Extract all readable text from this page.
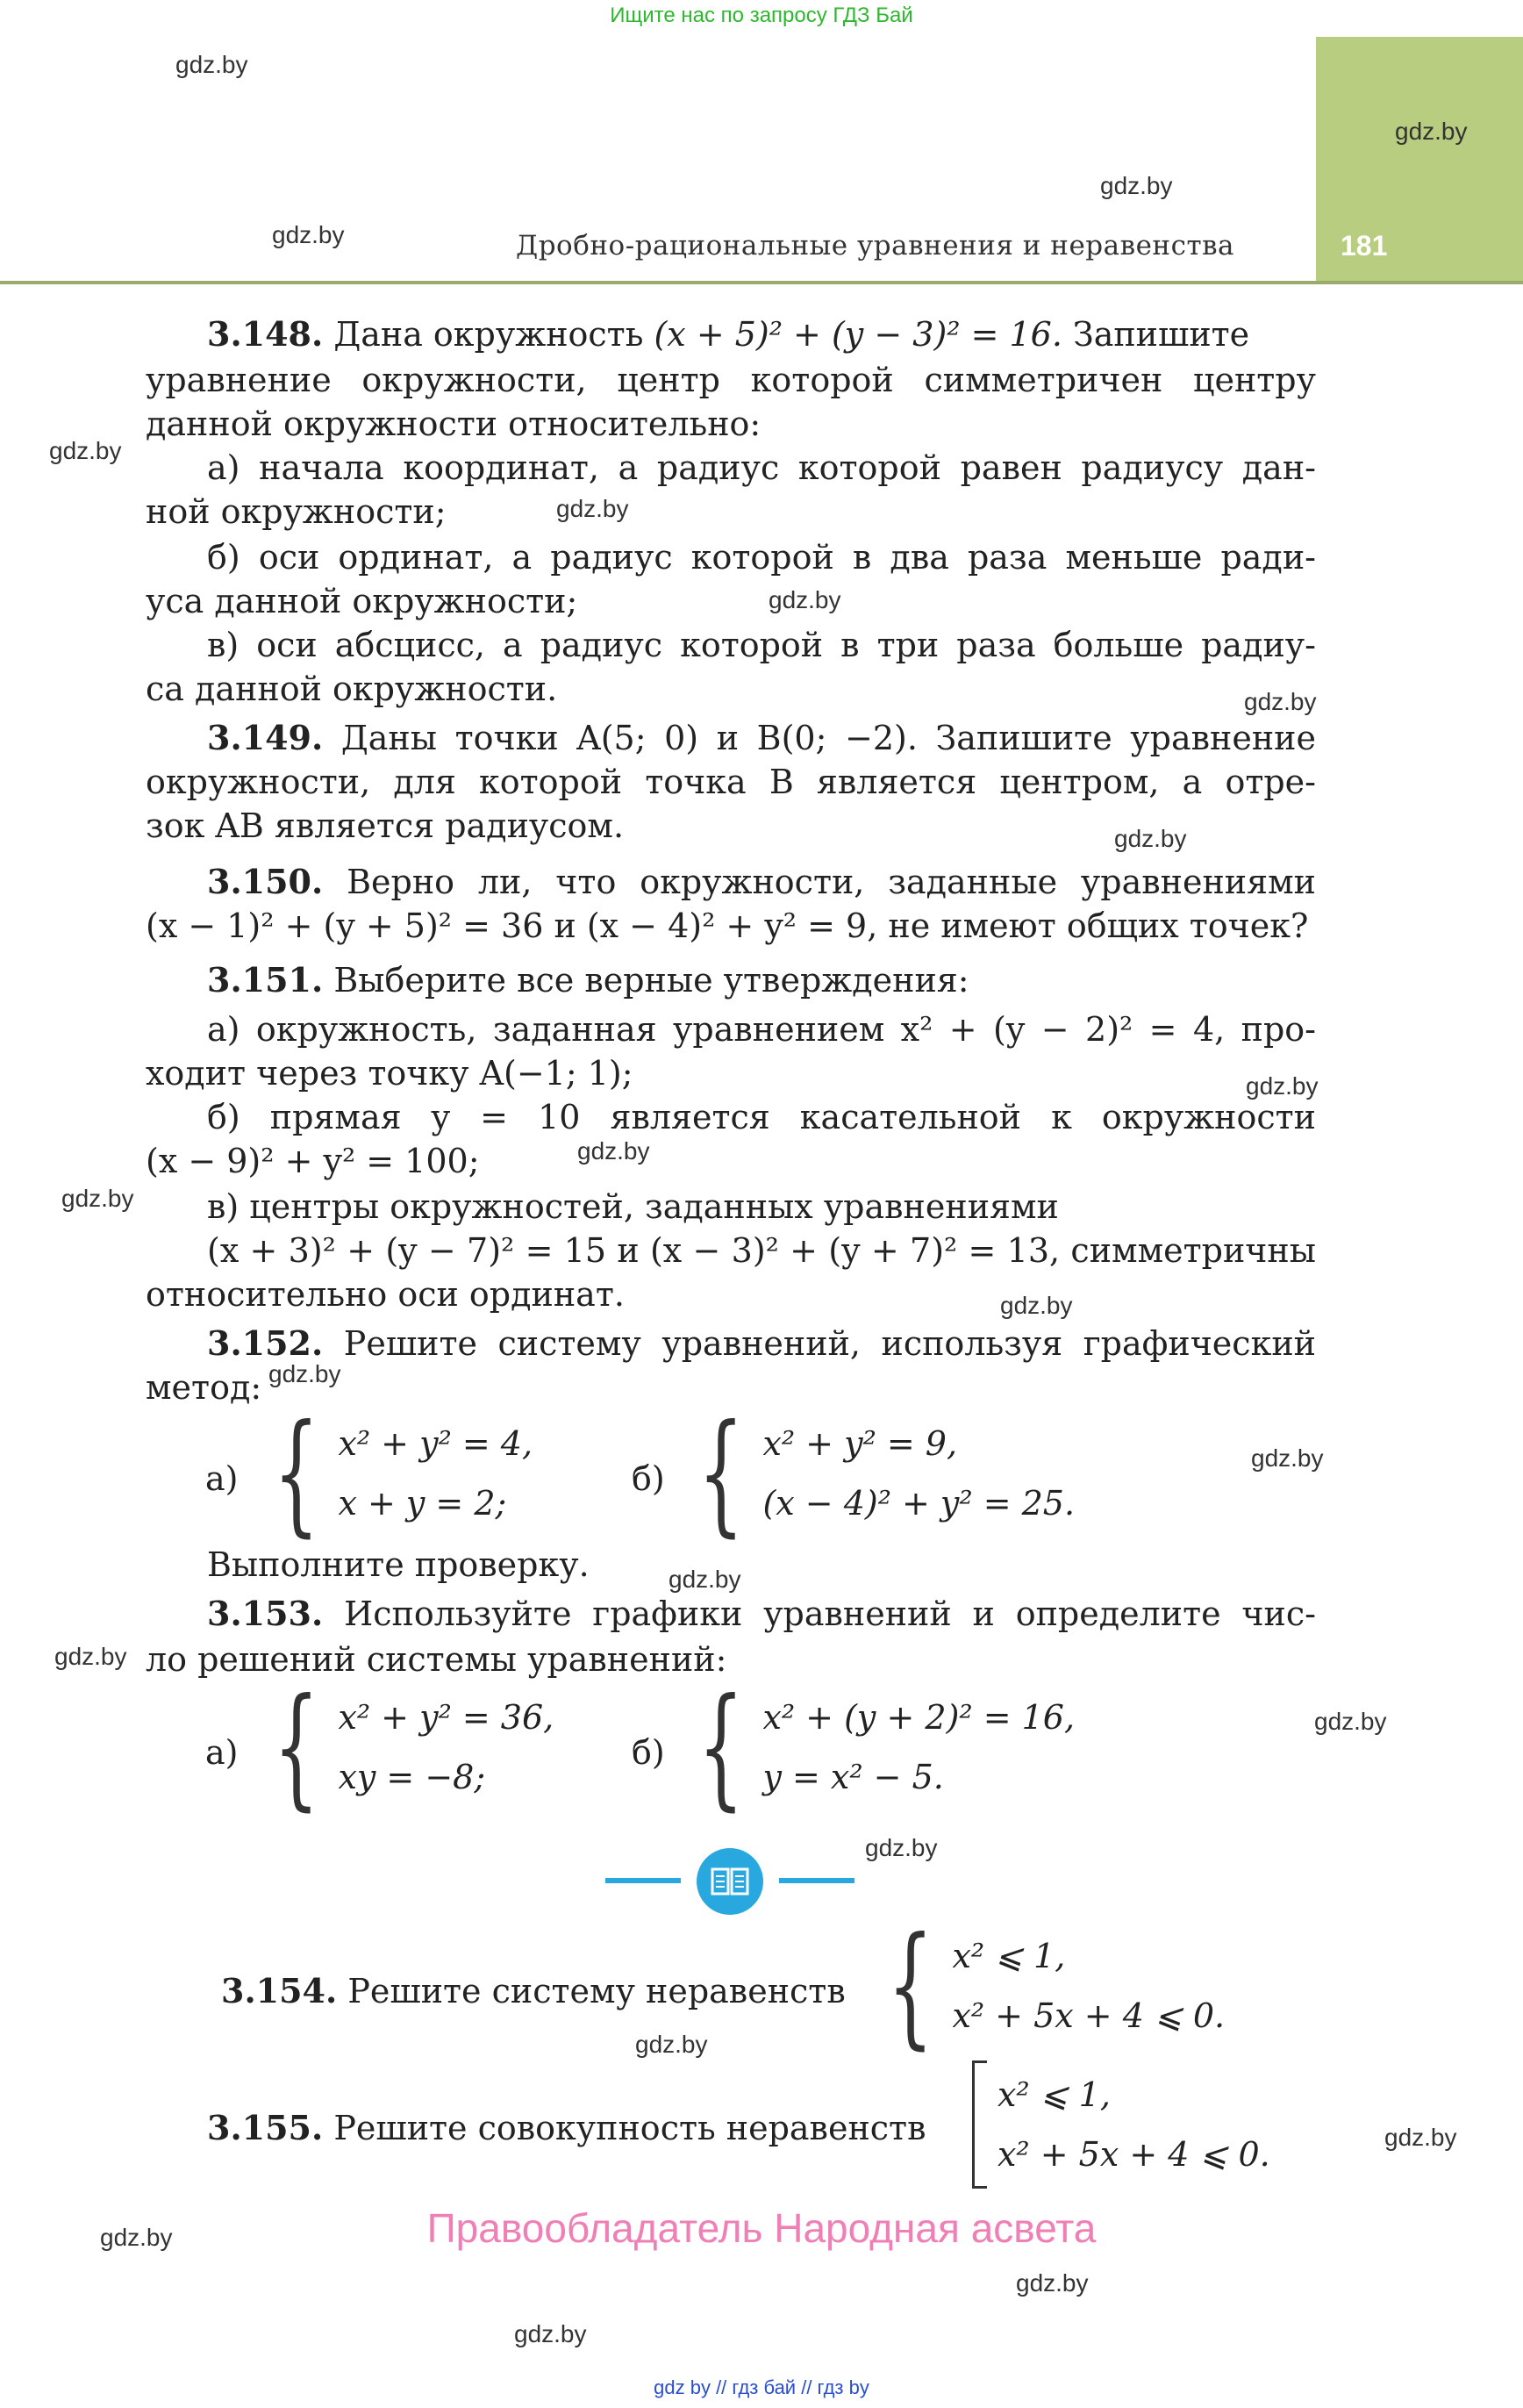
Ищите нас по запросу ГДЗ Бай
181
Дробно-рациональные уравнения и неравенства
gdz.by
gdz.by
gdz.by
gdz.by
gdz.by
gdz.by
gdz.by
gdz.by
gdz.by
gdz.by
gdz.by
gdz.by
gdz.by
gdz.by
gdz.by
gdz.by
gdz.by
gdz.by
gdz.by
gdz.by
gdz.by
gdz.by
gdz.by
gdz.by
3.148. Дана окружность (x + 5)² + (y − 3)² = 16. Запишите
уравнение окружности, центр которой симметричен центру
данной окружности относительно:
а) начала координат, а радиус которой равен радиусу дан-
ной окружности;
б) оси ординат, а радиус которой в два раза меньше ради-
уса данной окружности;
в) оси абсцисс, а радиус которой в три раза больше радиу-
са данной окружности.
3.149. Даны точки A(5; 0) и B(0; −2). Запишите уравнение
окружности, для которой точка B является центром, а отре-
зок AB является радиусом.
3.150. Верно ли, что окружности, заданные уравнениями
(x − 1)² + (y + 5)² = 36 и (x − 4)² + y² = 9, не имеют общих точек?
3.151. Выберите все верные утверждения:
а) окружность, заданная уравнением x² + (y − 2)² = 4, про-
ходит через точку A(−1; 1);
б) прямая y = 10 является касательной к окружности
(x − 9)² + y² = 100;
в) центры окружностей, заданных уравнениями
(x + 3)² + (y − 7)² = 15 и (x − 3)² + (y + 7)² = 13, симметричны
относительно оси ординат.
3.152. Решите систему уравнений, используя графический
метод:
а) { x² + y² = 4,
x + y = 2;
б) { x² + y² = 9,
(x − 4)² + y² = 25.
Выполните проверку.
3.153. Используйте графики уравнений и определите чис-
ло решений системы уравнений:
а) { x² + y² = 36,
xy = −8;
б) { x² + (y + 2)² = 16,
y = x² − 5.
3.154. Решите систему неравенств { x² ⩽ 1,
x² + 5x + 4 ⩽ 0.
3.155. Решите совокупность неравенств
x² ⩽ 1,
x² + 5x + 4 ⩽ 0.
Правообладатель Народная асвета
gdz by // гдз бай // гдз by
